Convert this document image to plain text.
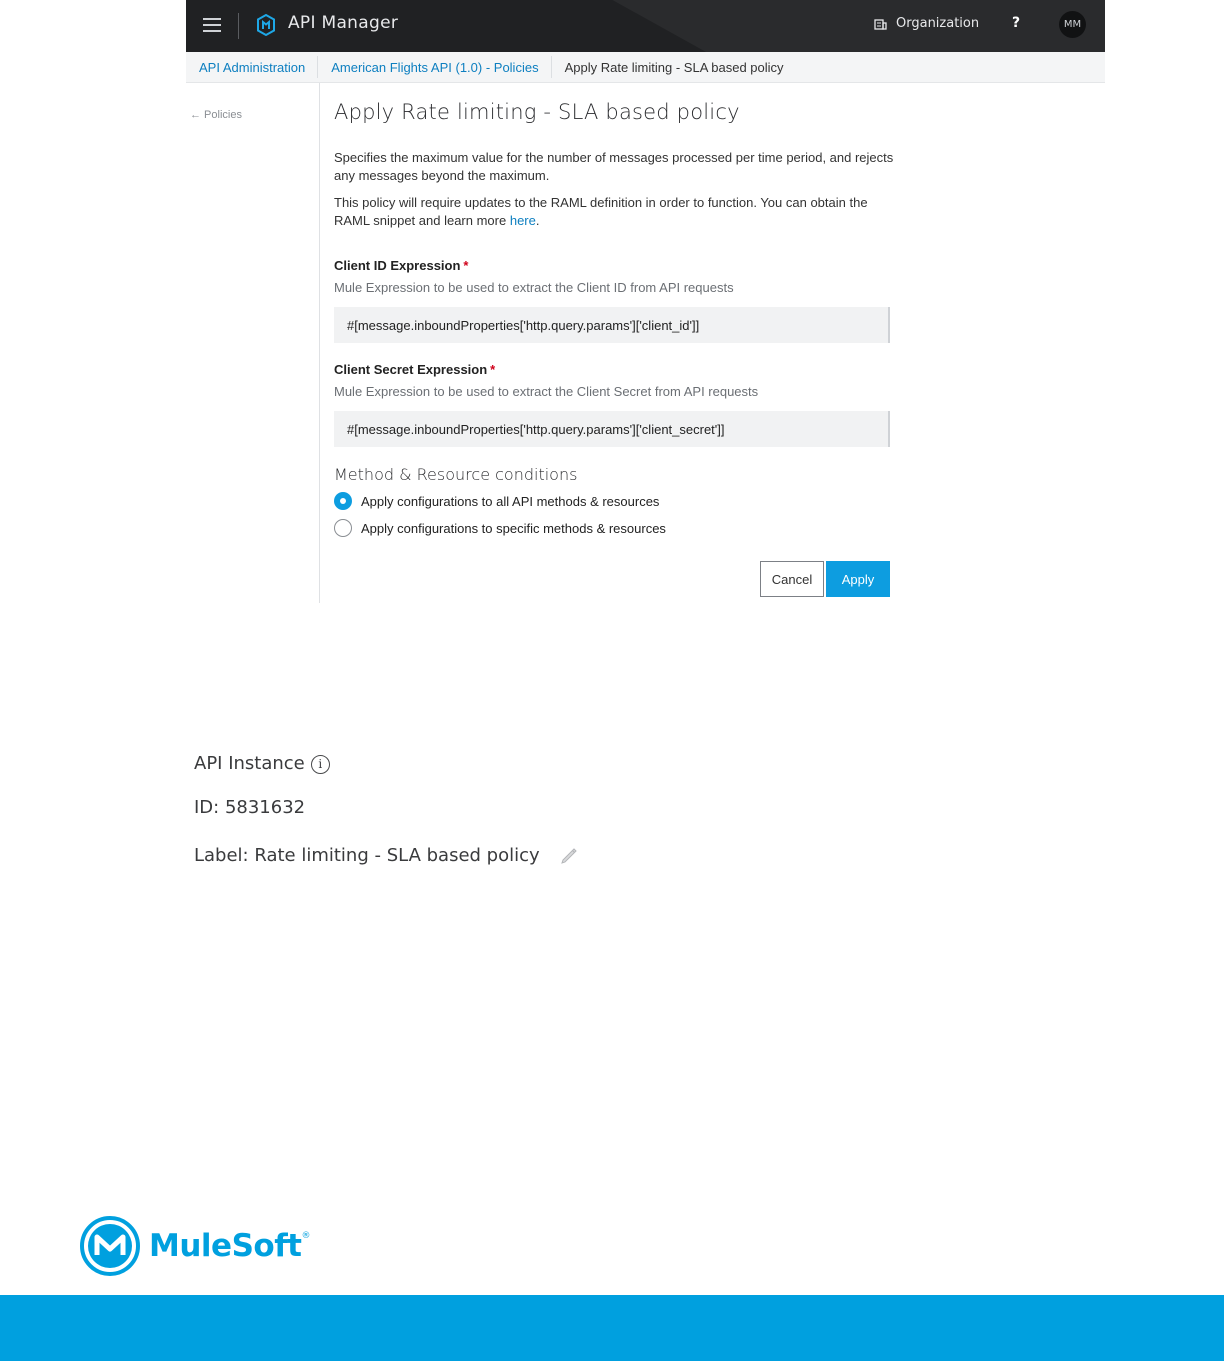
API Manager	Organization ?	MM
API Administration	American Flights API (1.0) - Policies	Apply Rate limiting - SLA based policy
← Policies	Apply Rate limiting - SLA based policy

Specifies the maximum value for the number of messages processed per time period, and rejects any messages beyond the maximum.

This policy will require updates to the RAML definition in order to function. You can obtain the RAML snippet and learn more here.

Client ID Expression *
Mule Expression to be used to extract the Client ID from API requests
#[message.inboundProperties['http.query.params']['client_id']]
Client Secret Expression *
Mule Expression to be used to extract the Client Secret from API requests
#[message.inboundProperties['http.query.params']['client_secret']]
Method & Resource conditions
Apply configurations to all API methods & resources
Apply configurations to specific methods & resources
Cancel	Apply
API Instance i
ID: 5831632
Label: Rate limiting - SLA based policy
MuleSoft®
